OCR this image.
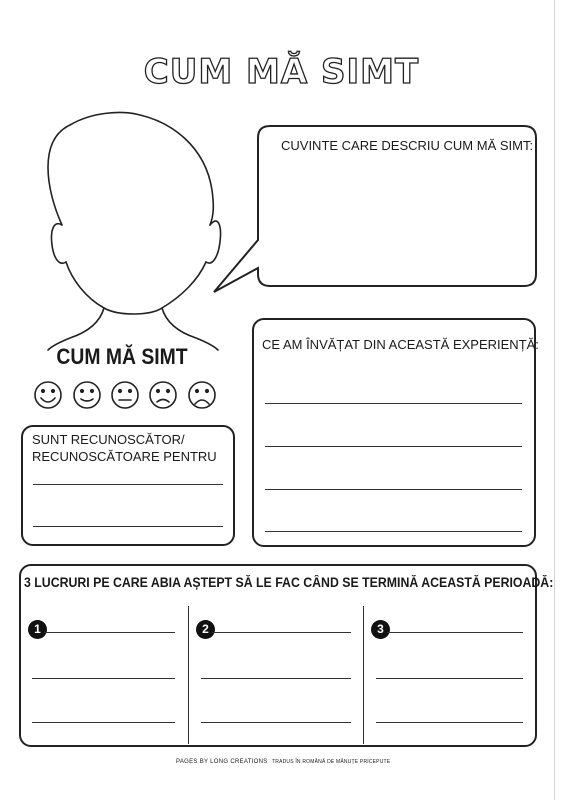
CUM MĂ SIMT
CUVINTE CARE DESCRIU CUM MĂ SIMT:
CUM MĂ SIMT	CE AM ÎNVĂȚAT DIN ACEASTĂ EXPERIENȚĂ:
SUNT RECUNOSCĂTOR/
RECUNOSCĂTOARE PENTRU
3 LUCRURI PE CARE ABIA AȘTEPT SĂ LE FAC CÂND SE TERMINĂ ACEASTĂ PERIOADĂ:
1	2	3
PAGES BY LONG CREATIONS TRADUS ÎN ROMÂNĂ DE MÂNUȚE PRICEPUTE
